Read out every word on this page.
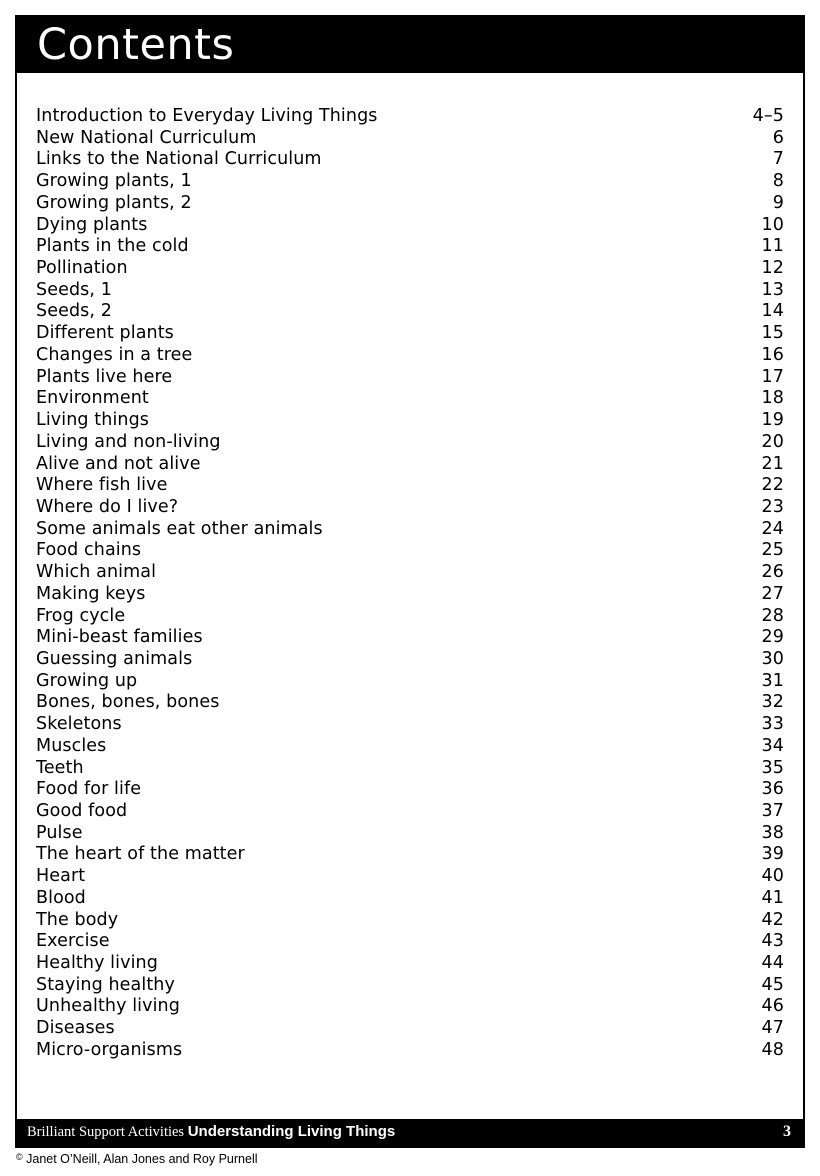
Contents
Introduction to Everyday Living Things	4–5
New National Curriculum	6
Links to the National Curriculum	7
Growing plants, 1	8
Growing plants, 2	9
Dying plants	10
Plants in the cold	11
Pollination	12
Seeds, 1	13
Seeds, 2	14
Different plants	15
Changes in a tree	16
Plants live here	17
Environment	18
Living things	19
Living and non-living	20
Alive and not alive	21
Where fish live	22
Where do I live?	23
Some animals eat other animals	24
Food chains	25
Which animal	26
Making keys	27
Frog cycle	28
Mini-beast families	29
Guessing animals	30
Growing up	31
Bones, bones, bones	32
Skeletons	33
Muscles	34
Teeth	35
Food for life	36
Good food	37
Pulse	38
The heart of the matter	39
Heart	40
Blood	41
The body	42
Exercise	43
Healthy living	44
Staying healthy	45
Unhealthy living	46
Diseases	47
Micro-organisms	48
Brilliant Support Activities Understanding Living Things	3
© Janet O’Neill, Alan Jones and Roy Purnell
